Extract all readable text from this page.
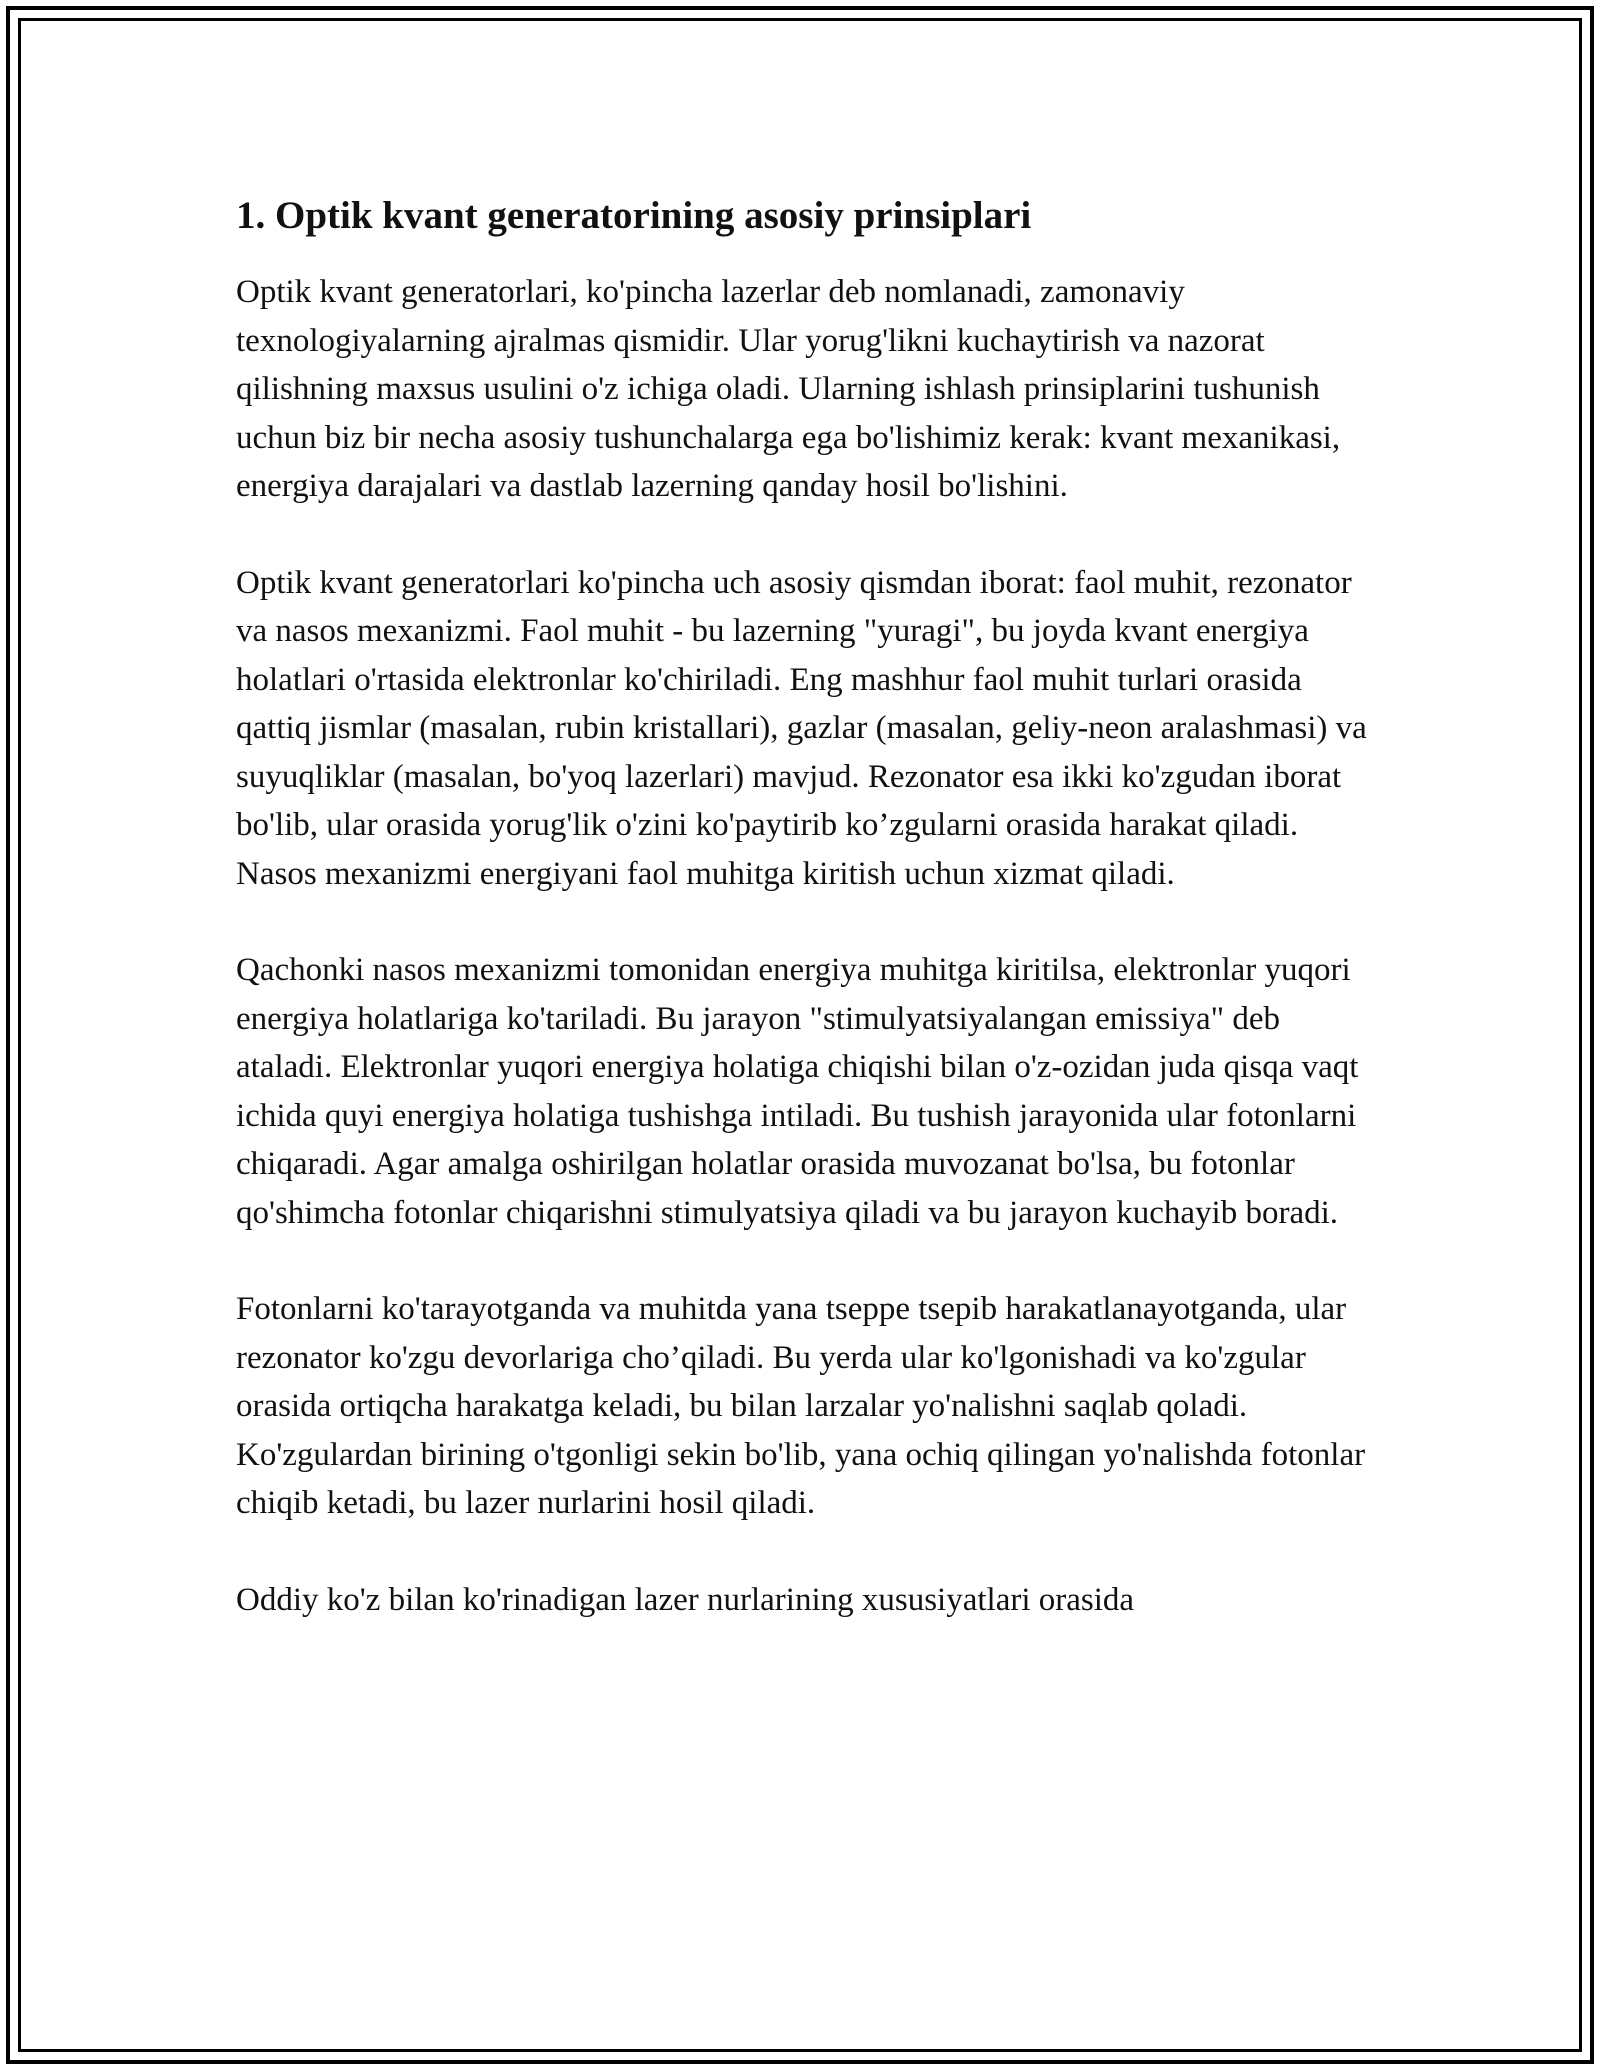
1. Optik kvant generatorining asosiy prinsiplari

Optik kvant generatorlari, ko'pincha lazerlar deb nomlanadi, zamonaviy texnologiyalarning ajralmas qismidir. Ular yorug'likni kuchaytirish va nazorat qilishning maxsus usulini o'z ichiga oladi. Ularning ishlash prinsiplarini tushunish uchun biz bir necha asosiy tushunchalarga ega bo'lishimiz kerak: kvant mexanikasi, energiya darajalari va dastlab lazerning qanday hosil bo'lishini.

Optik kvant generatorlari ko'pincha uch asosiy qismdan iborat: faol muhit, rezonator va nasos mexanizmi. Faol muhit - bu lazerning "yuragi", bu joyda kvant energiya holatlari o'rtasida elektronlar ko'chiriladi. Eng mashhur faol muhit turlari orasida qattiq jismlar (masalan, rubin kristallari), gazlar (masalan, geliy-neon aralashmasi) va suyuqliklar (masalan, bo'yoq lazerlari) mavjud. Rezonator esa ikki ko'zgudan iborat bo'lib, ular orasida yorug'lik o'zini ko'paytirib ko’zgularni orasida harakat qiladi. Nasos mexanizmi energiyani faol muhitga kiritish uchun xizmat qiladi.

Qachonki nasos mexanizmi tomonidan energiya muhitga kiritilsa, elektronlar yuqori energiya holatlariga ko'tariladi. Bu jarayon "stimulyatsiyalangan emissiya" deb ataladi. Elektronlar yuqori energiya holatiga chiqishi bilan o'z-ozidan juda qisqa vaqt ichida quyi energiya holatiga tushishga intiladi. Bu tushish jarayonida ular fotonlarni chiqaradi. Agar amalga oshirilgan holatlar orasida muvozanat bo'lsa, bu fotonlar qo'shimcha fotonlar chiqarishni stimulyatsiya qiladi va bu jarayon kuchayib boradi.

Fotonlarni ko'tarayotganda va muhitda yana tseppe tsepib harakatlanayotganda, ular rezonator ko'zgu devorlariga cho’qiladi. Bu yerda ular ko'lgonishadi va ko'zgular orasida ortiqcha harakatga keladi, bu bilan larzalar yo'nalishni saqlab qoladi. Ko'zgulardan birining o'tgonligi sekin bo'lib, yana ochiq qilingan yo'nalishda fotonlar chiqib ketadi, bu lazer nurlarini hosil qiladi.

Oddiy ko'z bilan ko'rinadigan lazer nurlarining xususiyatlari orasida
